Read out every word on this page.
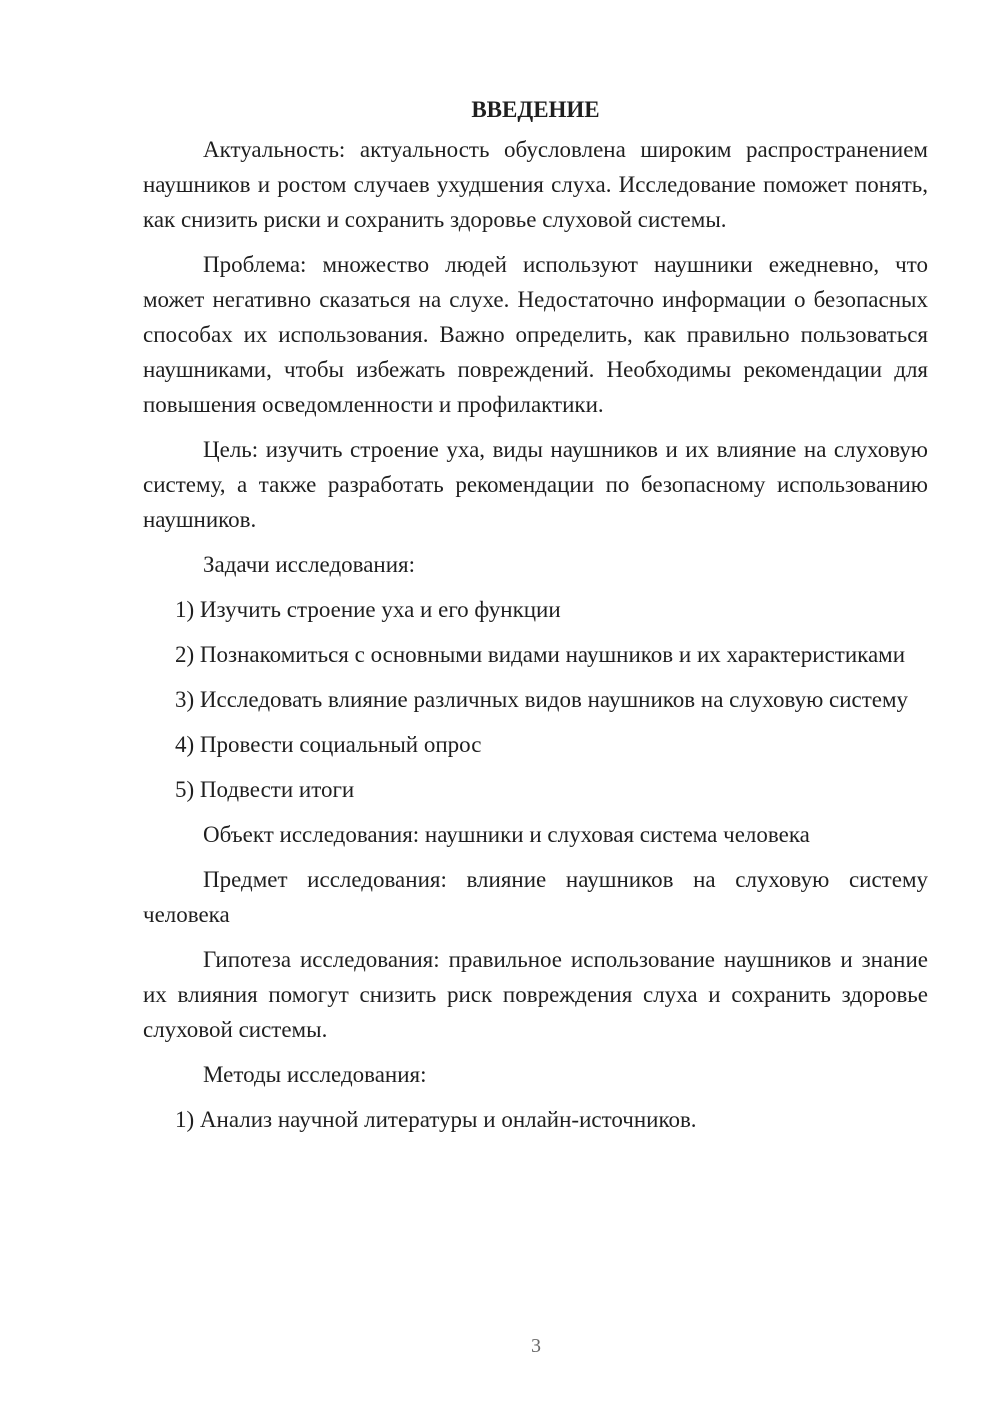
ВВЕДЕНИЕ

Актуальность: актуальность обусловлена широким распространением наушников и ростом случаев ухудшения слуха. Исследование поможет понять, как снизить риски и сохранить здоровье слуховой системы.

Проблема: множество людей используют наушники ежедневно, что может негативно сказаться на слухе. Недостаточно информации о безопасных способах их использования. Важно определить, как правильно пользоваться наушниками, чтобы избежать повреждений. Необходимы рекомендации для повышения осведомленности и профилактики.

Цель: изучить строение уха, виды наушников и их влияние на слуховую систему, а также разработать рекомендации по безопасному использованию наушников.

Задачи исследования:

1) Изучить строение уха и его функции

2) Познакомиться с основными видами наушников и их характеристиками

3) Исследовать влияние различных видов наушников на слуховую систему

4) Провести социальный опрос

5) Подвести итоги

Объект исследования: наушники и слуховая система человека

Предмет исследования: влияние наушников на слуховую систему человека

Гипотеза исследования: правильное использование наушников и знание их влияния помогут снизить риск повреждения слуха и сохранить здоровье слуховой системы.

Методы исследования:

1) Анализ научной литературы и онлайн-источников.

3
